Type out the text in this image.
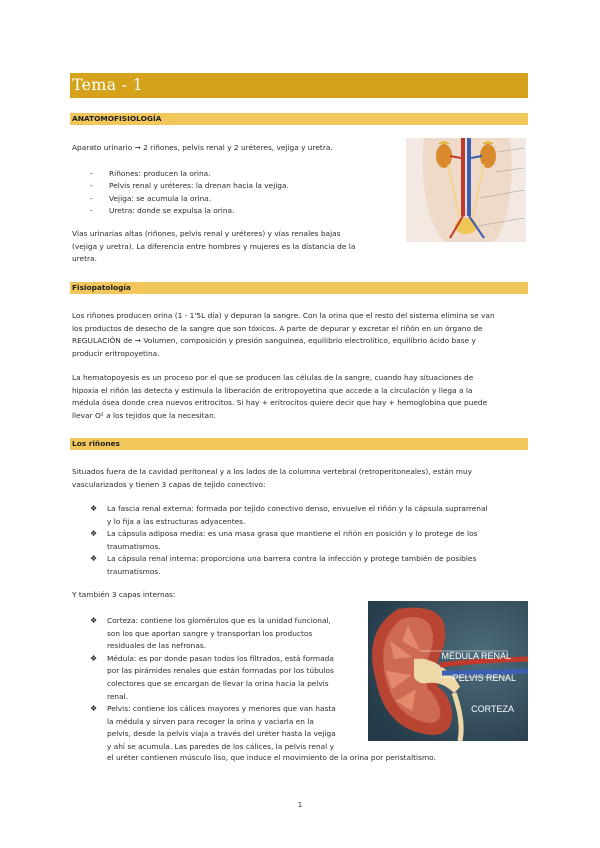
Tema - 1
ANATOMOFISIOLOGÍA
Aparato urinario ➞ 2 riñones, pelvis renal y 2 uréteres, vejiga y uretra.
- Riñones: producen la orina.
- Pelvis renal y uréteres: la drenan hacia la vejiga.
- Vejiga: se acumula la orina.
- Uretra: donde se expulsa la orina.
Vías urinarias altas (riñones, pelvis renal y uréteres) y vías renales bajas
(vejiga y uretra). La diferencia entre hombres y mujeres es la distancia de la
uretra.
Fisiopatología
Los riñones producen orina (1 - 1'5L día) y depuran la sangre. Con la orina que el resto del sistema elimina se van
los productos de desecho de la sangre que son tóxicos. A parte de depurar y excretar el riñón en un órgano de
REGULACIÓN de ➞ Volumen, composición y presión sanguínea, equilibrio electrolítico, equilibrio ácido base y
producir eritropoyetina.
La hematopoyesis es un proceso por el que se producen las células de la sangre, cuando hay situaciones de
hipoxia el riñón las detecta y estimula la liberación de eritropoyetina que accede a la circulación y llega a la
médula ósea donde crea nuevos eritrocitos. Si hay + eritrocitos quiere decir que hay + hemoglobina que puede
llevar O² a los tejidos que la necesitan.
Los riñones
Situados fuera de la cavidad peritoneal y a los lados de la columna vertebral (retroperitoneales), están muy
vascularizados y tienen 3 capas de tejido conectivo:
❖ La fascia renal externa: formada por tejido conectivo denso, envuelve el riñón y la cápsula suprarrenal
y lo fija a las estructuras adyacentes.
❖ La cápsula adiposa media: es una masa grasa que mantiene el riñón en posición y lo protege de los
traumatismos.
❖ La cápsula renal interna: proporciona una barrera contra la infección y protege también de posibles
traumatismos.
Y también 3 capas internas:
❖ Corteza: contiene los glomérulos que es la unidad funcional,
son los que aportan sangre y transportan los productos
residuales de las nefronas.
❖ Médula: es por donde pasan todos los filtrados, está formada
por las pirámides renales que están formadas por los túbulos
colectores que se encargan de llevar la orina hacia la pelvis
renal.
❖ Pelvis: contiene los cálices mayores y menores que van hasta
la médula y sirven para recoger la orina y vaciarla en la
pelvis, desde la pelvis viaja a través del uréter hasta la vejiga
y ahí se acumula. Las paredes de los cálices, la pelvis renal y
el uréter contienen músculo liso, que induce el movimiento de la orina por peristaltismo.
MÉDULA RENAL
PELVIS RENAL
CORTEZA
1
